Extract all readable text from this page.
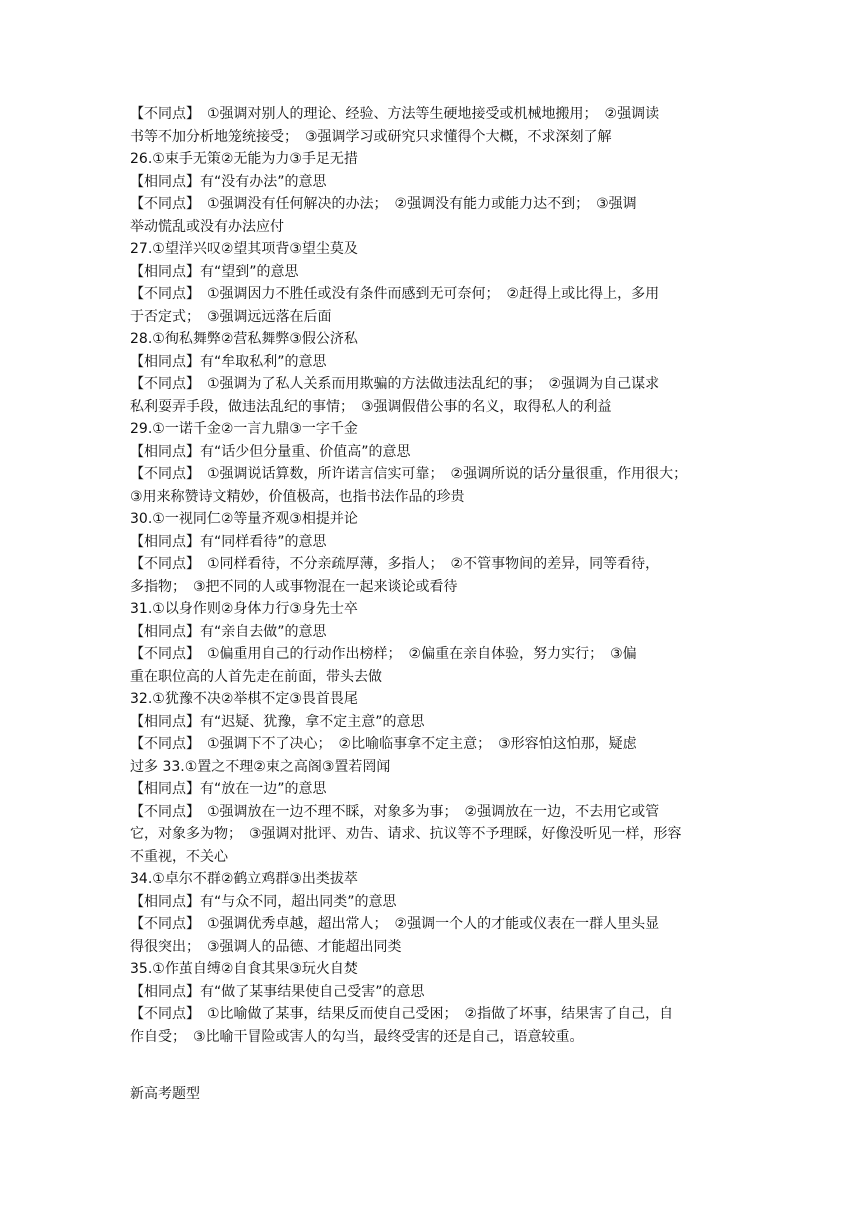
【不同点】　①强调对别人的理论、经验、方法等生硬地接受或机械地搬用；　②强调读
书等不加分析地笼统接受；　③强调学习或研究只求懂得个大概，不求深刻了解
26.①束手无策②无能为力③手足无措
【相同点】有“没有办法”的意思
【不同点】　①强调没有任何解决的办法；　②强调没有能力或能力达不到；　③强调
举动慌乱或没有办法应付
27.①望洋兴叹②望其项背③望尘莫及
【相同点】有“望到”的意思
【不同点】　①强调因力不胜任或没有条件而感到无可奈何；　②赶得上或比得上，多用
于否定式；　③强调远远落在后面
28.①徇私舞弊②营私舞弊③假公济私
【相同点】有“牟取私利”的意思
【不同点】　①强调为了私人关系而用欺骗的方法做违法乱纪的事；　②强调为自己谋求
私利耍弄手段，做违法乱纪的事情；　③强调假借公事的名义，取得私人的利益
29.①一诺千金②一言九鼎③一字千金
【相同点】有“话少但分量重、价值高”的意思
【不同点】　①强调说话算数，所许诺言信实可靠；　②强调所说的话分量很重，作用很大；
③用来称赞诗文精妙，价值极高，也指书法作品的珍贵
30.①一视同仁②等量齐观③相提并论
【相同点】有“同样看待”的意思
【不同点】　①同样看待，不分亲疏厚薄，多指人；　②不管事物间的差异，同等看待，
多指物；　③把不同的人或事物混在一起来谈论或看待
31.①以身作则②身体力行③身先士卒
【相同点】有“亲自去做”的意思
【不同点】　①偏重用自己的行动作出榜样；　②偏重在亲自体验，努力实行；　③偏
重在职位高的人首先走在前面，带头去做
32.①犹豫不决②举棋不定③畏首畏尾
【相同点】有“迟疑、犹豫，拿不定主意”的意思
【不同点】　①强调下不了决心；　②比喻临事拿不定主意；　③形容怕这怕那，疑虑
过多 33.①置之不理②束之高阁③置若罔闻
【相同点】有“放在一边”的意思
【不同点】　①强调放在一边不理不睬，对象多为事；　②强调放在一边，不去用它或管
它，对象多为物；　③强调对批评、劝告、请求、抗议等不予理睬，好像没听见一样，形容
不重视，不关心
34.①卓尔不群②鹤立鸡群③出类拔萃
【相同点】有“与众不同，超出同类”的意思
【不同点】　①强调优秀卓越，超出常人；　②强调一个人的才能或仪表在一群人里头显
得很突出；　③强调人的品德、才能超出同类
35.①作茧自缚②自食其果③玩火自焚
【相同点】有“做了某事结果使自己受害”的意思
【不同点】　①比喻做了某事，结果反而使自己受困；　②指做了坏事，结果害了自己，自
作自受；　③比喻干冒险或害人的勾当，最终受害的还是自己，语意较重。
新高考题型
